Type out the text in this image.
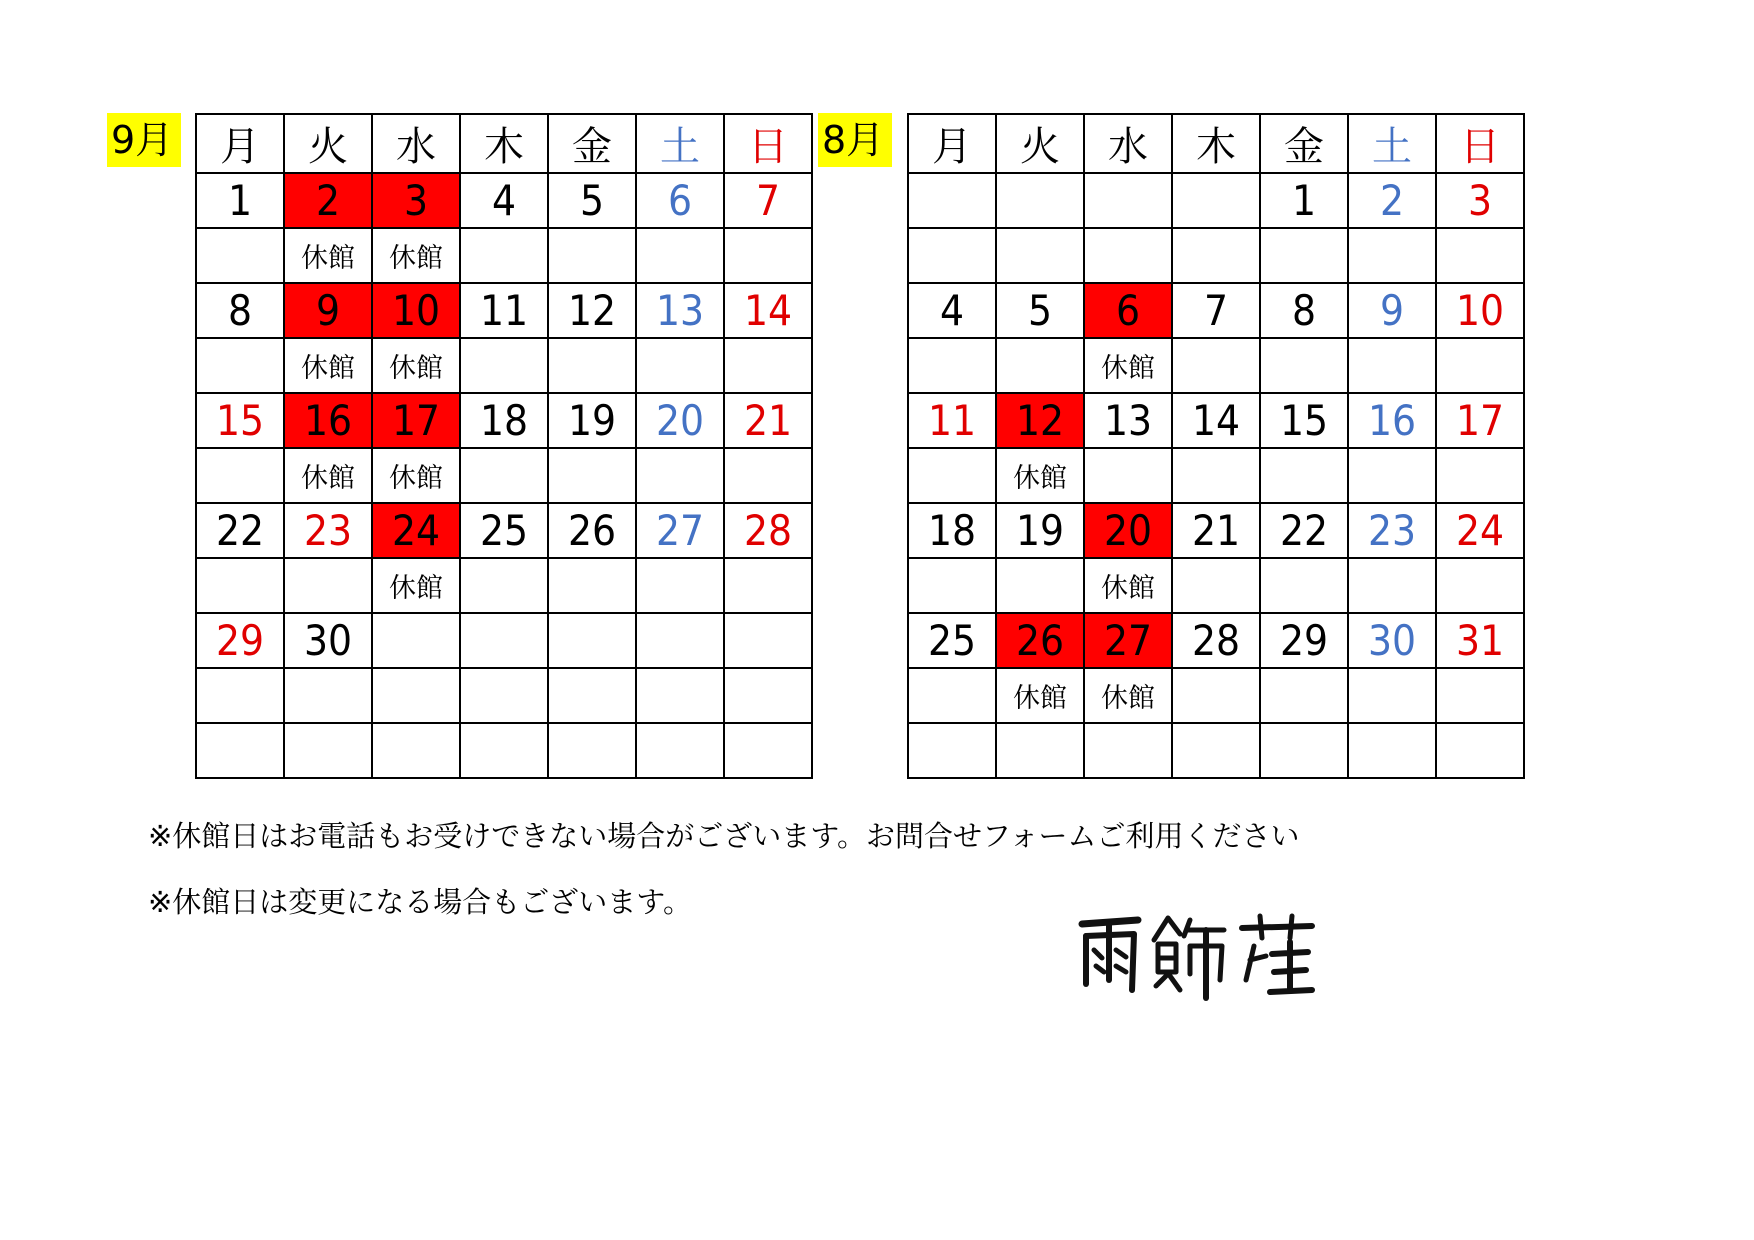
9月 月	火	水	木	金	土	日
1	2	3	4	5	6	7
	休館	休館				
8	9	10	11	12	13	14
	休館	休館				
15	16	17	18	19	20	21
	休館	休館				
22	23	24	25	26	27	28
		休館				
29	30					

8月 月	火	水	木	金	土	日
				1	2	3

4	5	6	7	8	9	10
		休館				
11	12	13	14	15	16	17
	休館					
18	19	20	21	22	23	24
		休館				
25	26	27	28	29	30	31
	休館	休館				

※休館日はお電話もお受けできない場合がございます。お問合せフォームご利用ください
※休館日は変更になる場合もございます。
